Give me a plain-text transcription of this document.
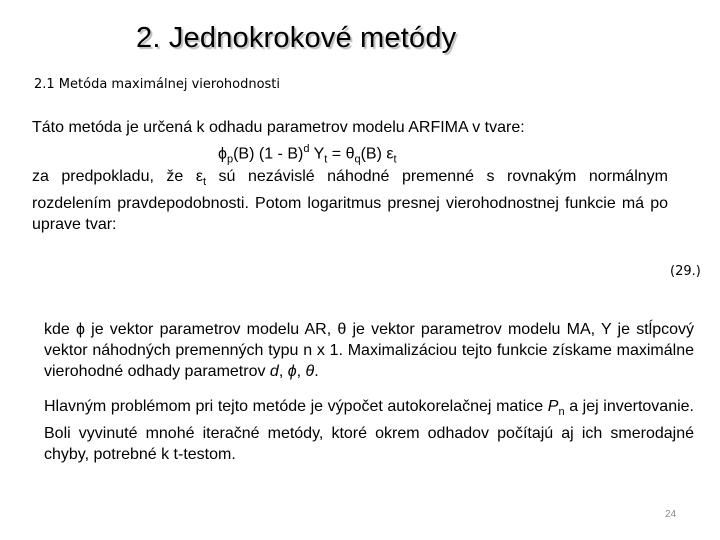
2. Jednokrokové metódy
2.1 Metóda maximálnej vierohodnosti

Táto metóda je určená k odhadu parametrov modelu ARFIMA v tvare:

$\phi_p(B)$ (1 - B)$^d$ $Y_t = \theta_q(B)$ $\varepsilon_t$

za predpokladu, že $\varepsilon_t$ sú nezávislé náhodné premenné s rovnakým normálnym rozdelením pravdepodobnosti. Potom logaritmus presnej vierohodnostnej funkcie má po uprave tvar:

(29.)

kde ϕ je vektor parametrov modelu AR, θ je vektor parametrov modelu MA, Y je stĺpcový vektor náhodných premenných typu n x 1. Maximalizáciou tejto funkcie získame maximálne vierohodné odhady parametrov d, ϕ, θ.

Hlavným problémom pri tejto metóde je výpočet autokorelačnej matice $P_n$ a jej invertovanie. Boli vyvinuté mnohé iteračné metódy, ktoré okrem odhadov počítajú aj ich smerodajné chyby, potrebné k t-testom.

24
